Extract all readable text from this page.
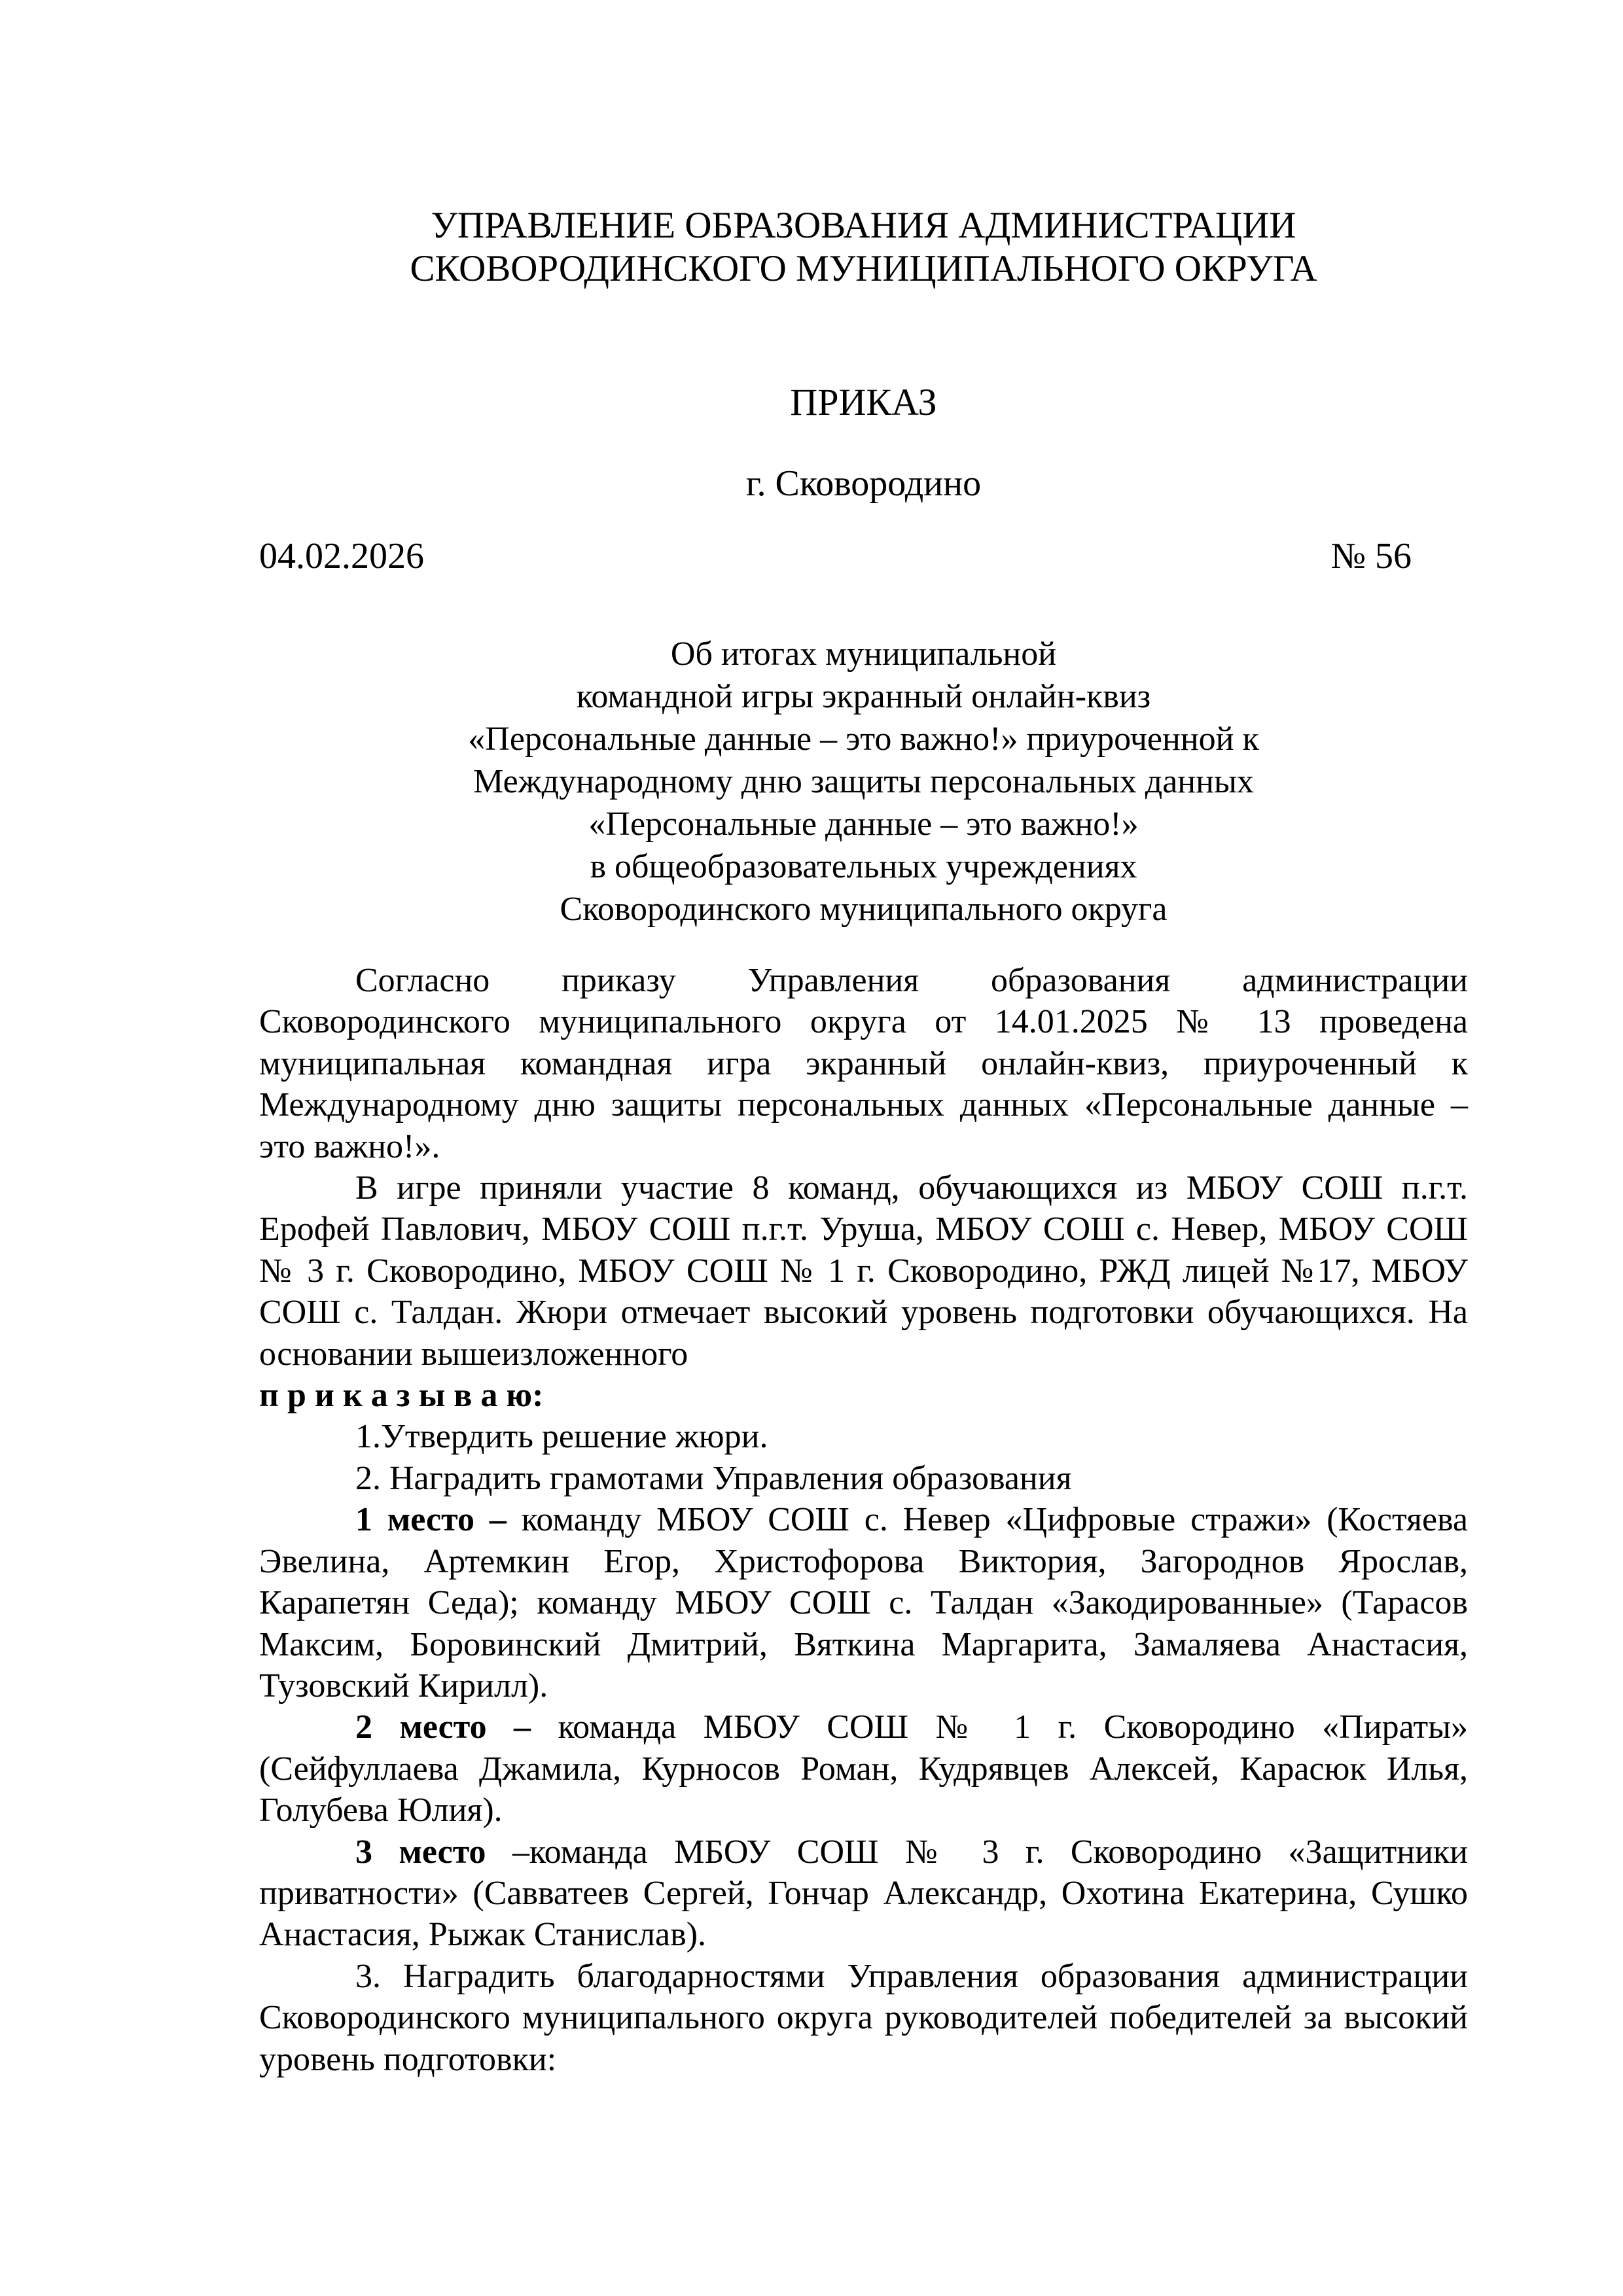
УПРАВЛЕНИЕ ОБРАЗОВАНИЯ АДМИНИСТРАЦИИ
СКОВОРОДИНСКОГО МУНИЦИПАЛЬНОГО ОКРУГА
ПРИКАЗ
г. Сковородино
04.02.2026	№ 56
Об итогах муниципальной
командной игры экранный онлайн-квиз
«Персональные данные – это важно!» приуроченной к
Международному дню защиты персональных данных
«Персональные данные – это важно!»
в общеобразовательных учреждениях
Сковородинского муниципального округа

Согласно приказу Управления образования администрации Сковородинского муниципального округа от 14.01.2025 № 13 проведена муниципальная командная игра экранный онлайн-квиз, приуроченный к Международному дню защиты персональных данных «Персональные данные – это важно!».

В игре приняли участие 8 команд, обучающихся из МБОУ СОШ п.г.т. Ерофей Павлович, МБОУ СОШ п.г.т. Уруша, МБОУ СОШ с. Невер, МБОУ СОШ № 3 г. Сковородино, МБОУ СОШ № 1 г. Сковородино, РЖД лицей №17, МБОУ СОШ с. Талдан. Жюри отмечает высокий уровень подготовки обучающихся. На основании вышеизложенного

п р и к а з ы в а ю:

1.Утвердить решение жюри.

2. Наградить грамотами Управления образования

1 место – команду МБОУ СОШ с. Невер «Цифровые стражи» (Костяева Эвелина, Артемкин Егор, Христофорова Виктория, Загороднов Ярослав, Карапетян Седа); команду МБОУ СОШ с. Талдан «Закодированные» (Тарасов Максим, Боровинский Дмитрий, Вяткина Маргарита, Замаляева Анастасия, Тузовский Кирилл).

2 место – команда МБОУ СОШ № 1 г. Сковородино «Пираты» (Сейфуллаева Джамила, Курносов Роман, Кудрявцев Алексей, Карасюк Илья, Голубева Юлия).

3 место –команда МБОУ СОШ № 3 г. Сковородино «Защитники приватности» (Савватеев Сергей, Гончар Александр, Охотина Екатерина, Сушко Анастасия, Рыжак Станислав).

3. Наградить благодарностями Управления образования администрации Сковородинского муниципального округа руководителей победителей за высокий уровень подготовки:
